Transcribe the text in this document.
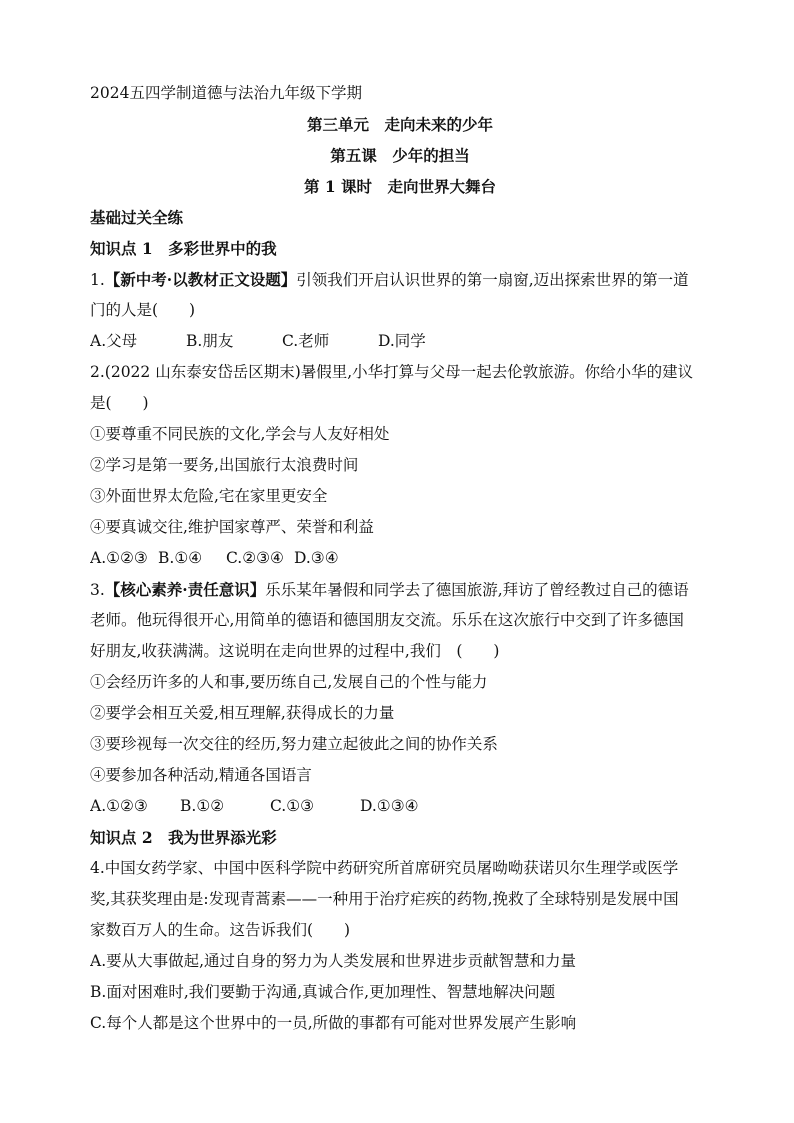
2024五四学制道德与法治九年级下学期
第三单元　走向未来的少年
第五课　少年的担当
第 1 课时　走向世界大舞台
基础过关全练
知识点 1　多彩世界中的我
1.【新中考·以教材正文设题】引领我们开启认识世界的第一扇窗,迈出探索世界的第一道
门的人是(　　)
A.父母	B.朋友	C.老师	D.同学
2.(2022 山东泰安岱岳区期末)暑假里,小华打算与父母一起去伦敦旅游。你给小华的建议
是(　　)
①要尊重不同民族的文化,学会与人友好相处
②学习是第一要务,出国旅行太浪费时间
③外面世界太危险,宅在家里更安全
④要真诚交往,维护国家尊严、荣誉和利益
A.①②③ B.①④ C.②③④ D.③④
3.【核心素养·责任意识】乐乐某年暑假和同学去了德国旅游,拜访了曾经教过自己的德语
老师。他玩得很开心,用简单的德语和德国朋友交流。乐乐在这次旅行中交到了许多德国
好朋友,收获满满。这说明在走向世界的过程中,我们　(　　)
①会经历许多的人和事,要历练自己,发展自己的个性与能力
②要学会相互关爱,相互理解,获得成长的力量
③要珍视每一次交往的经历,努力建立起彼此之间的协作关系
④要参加各种活动,精通各国语言
A.①②③ B.①②	C.①③	D.①③④
知识点 2　我为世界添光彩
4.中国女药学家、中国中医科学院中药研究所首席研究员屠呦呦获诺贝尔生理学或医学
奖,其获奖理由是:发现青蒿素——一种用于治疗疟疾的药物,挽救了全球特别是发展中国
家数百万人的生命。这告诉我们(　　)
A.要从大事做起,通过自身的努力为人类发展和世界进步贡献智慧和力量
B.面对困难时,我们要勤于沟通,真诚合作,更加理性、智慧地解决问题
C.每个人都是这个世界中的一员,所做的事都有可能对世界发展产生影响
